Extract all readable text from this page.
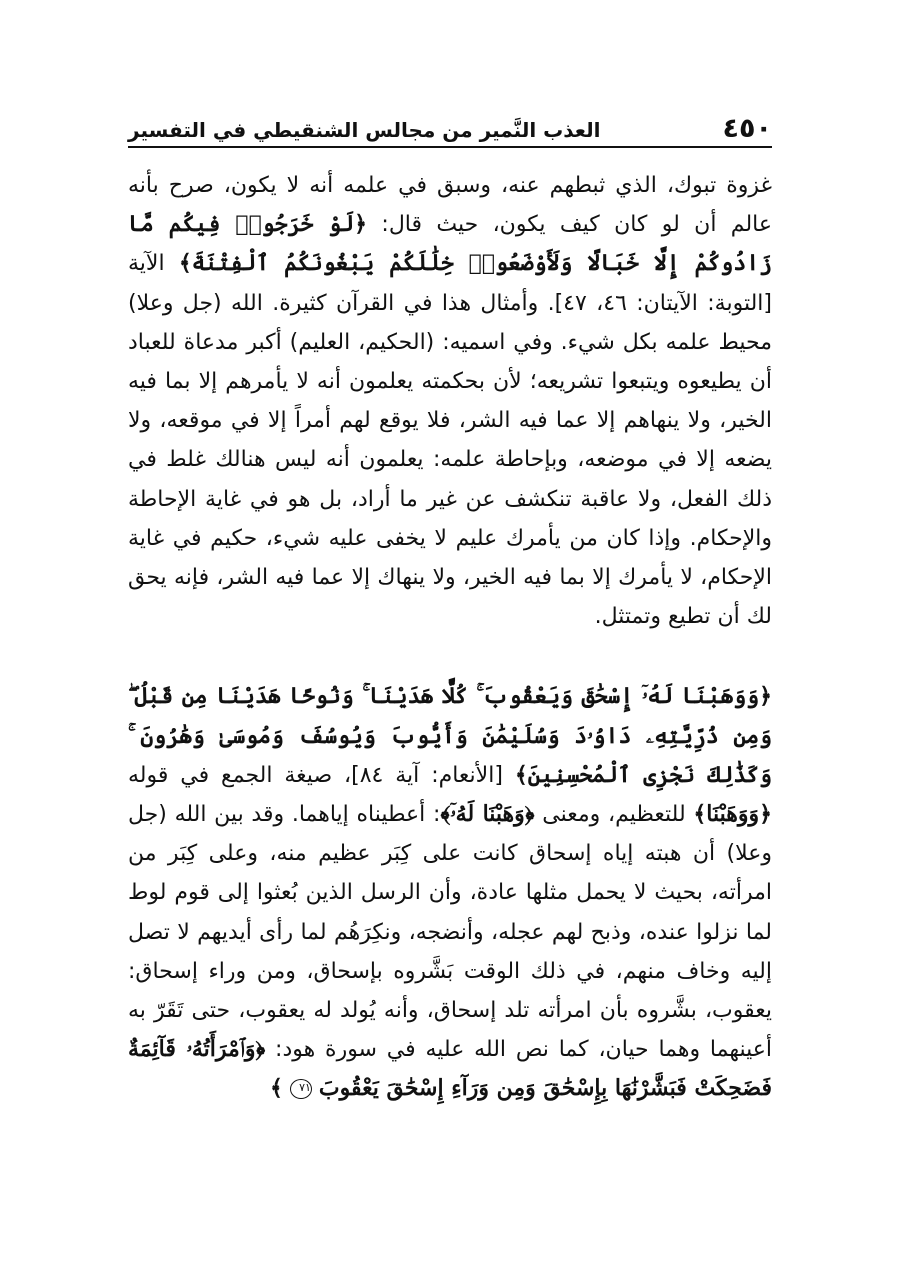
٤٥٠
العذب النَّمير من مجالس الشنقيطي في التفسير

غزوة تبوك، الذي ثبطهم عنه، وسبق في علمه أنه لا يكون، صرح بأنه عالم أن لو كان كيف يكون، حيث قال: ﴿لَوْ خَرَجُوا۟ فِيكُم مَّا زَادُوكُمْ إِلَّا خَبَالًا وَلَأَوْضَعُوا۟ خِلَٰلَكُمْ يَبْغُونَكُمُ ٱلْفِتْنَةَ﴾ الآية [التوبة: الآيتان: ٤٦، ٤٧]. وأمثال هذا في القرآن كثيرة. الله (جل وعلا) محيط علمه بكل شيء. وفي اسميه: (الحكيم، العليم) أكبر مدعاة للعباد أن يطيعوه ويتبعوا تشريعه؛ لأن بحكمته يعلمون أنه لا يأمرهم إلا بما فيه الخير، ولا ينهاهم إلا عما فيه الشر، فلا يوقع لهم أمراً إلا في موقعه، ولا يضعه إلا في موضعه، وبإحاطة علمه: يعلمون أنه ليس هنالك غلط في ذلك الفعل، ولا عاقبة تنكشف عن غير ما أراد، بل هو في غاية الإحاطة والإحكام. وإذا كان من يأمرك عليم لا يخفى عليه شيء، حكيم في غاية الإحكام، لا يأمرك إلا بما فيه الخير، ولا ينهاك إلا عما فيه الشر، فإنه يحق لك أن تطيع وتمتثل.

﴿وَوَهَبْنَا لَهُۥٓ إِسْحَٰقَ وَيَعْقُوبَ ۚ كُلًّا هَدَيْنَا ۚ وَنُوحًا هَدَيْنَا مِن قَبْلُ ۖ وَمِن ذُرِّيَّتِهِۦ دَاوُۥدَ وَسُلَيْمَٰنَ وَأَيُّوبَ وَيُوسُفَ وَمُوسَىٰ وَهَٰرُونَ ۚ وَكَذَٰلِكَ نَجْزِى ٱلْمُحْسِنِينَ﴾ [الأنعام: آية ٨٤]، صيغة الجمع في قوله ﴿وَوَهَبْنَا﴾ للتعظيم، ومعنى ﴿وَهَبْنَا لَهُۥٓ﴾: أعطيناه إياهما. وقد بين الله (جل وعلا) أن هبته إياه إسحاق كانت على كِبَر عظيم منه، وعلى كِبَر من امرأته، بحيث لا يحمل مثلها عادة، وأن الرسل الذين بُعثوا إلى قوم لوط لما نزلوا عنده، وذبح لهم عجله، وأنضجه، ونكِرَهُم لما رأى أيديهم لا تصل إليه وخاف منهم، في ذلك الوقت بَشَّروه بإسحاق، ومن وراء إسحاق: يعقوب، بشَّروه بأن امرأته تلد إسحاق، وأنه يُولد له يعقوب، حتى تَقَرّ به أعينهما وهما حيان، كما نص الله عليه في سورة هود: ﴿وَٱمْرَأَتُهُۥ قَآئِمَةٌ فَضَحِكَتْ فَبَشَّرْنَٰهَا بِإِسْحَٰقَ وَمِن وَرَآءِ إِسْحَٰقَ يَعْقُوبَ ٧١ ﴾
